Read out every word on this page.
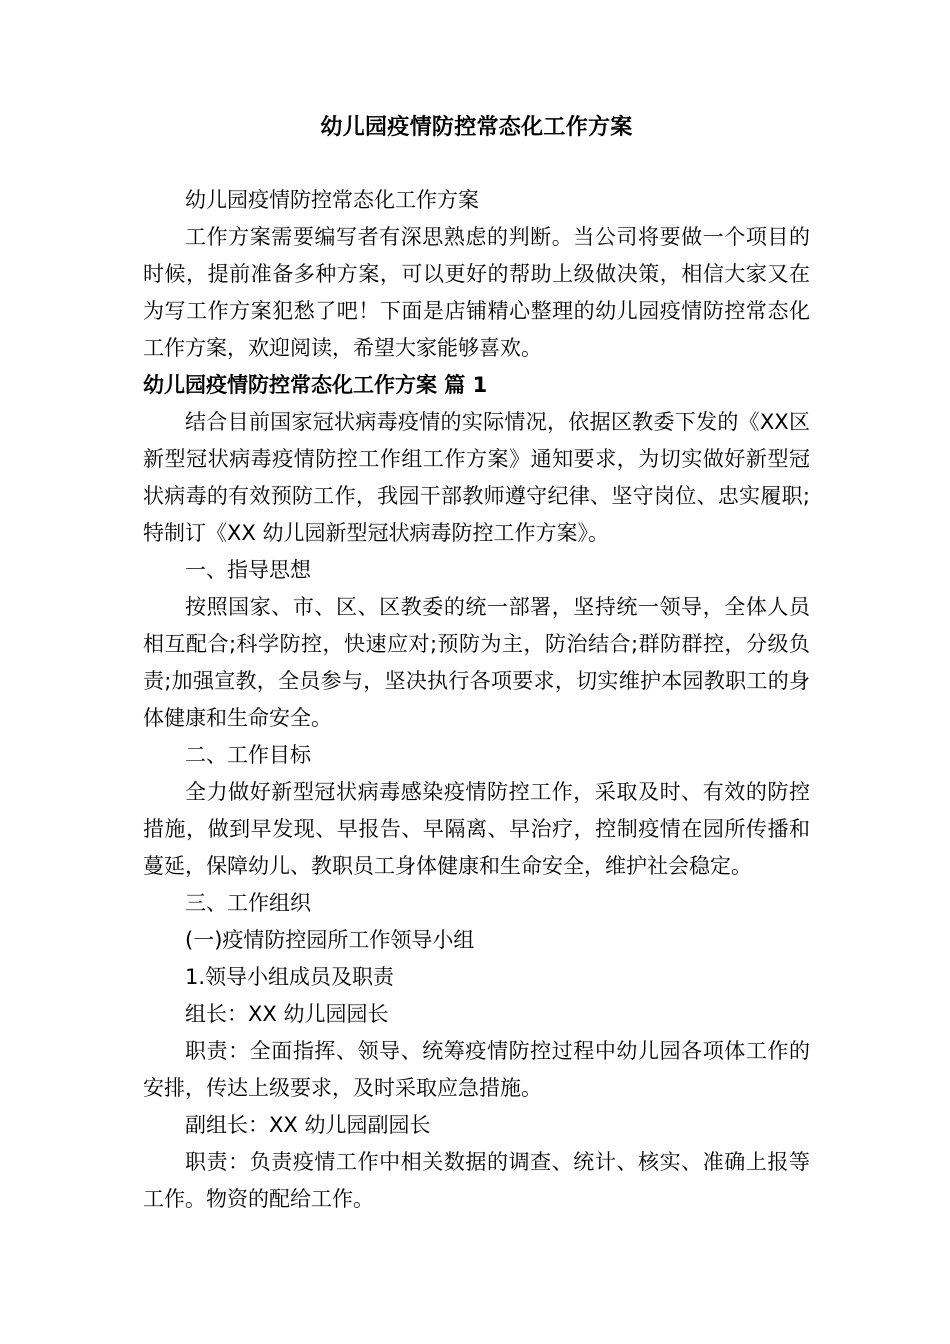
幼儿园疫情防控常态化工作方案

幼儿园疫情防控常态化工作方案

工作方案需要编写者有深思熟虑的判断。当公司将要做一个项目的时候，提前准备多种方案，可以更好的帮助上级做决策，相信大家又在为写工作方案犯愁了吧！下面是店铺精心整理的幼儿园疫情防控常态化工作方案，欢迎阅读，希望大家能够喜欢。

幼儿园疫情防控常态化工作方案 篇 1

结合目前国家冠状病毒疫情的实际情况，依据区教委下发的《XX区新型冠状病毒疫情防控工作组工作方案》通知要求，为切实做好新型冠状病毒的有效预防工作，我园干部教师遵守纪律、坚守岗位、忠实履职;特制订《XX 幼儿园新型冠状病毒防控工作方案》。

一、指导思想

按照国家、市、区、区教委的统一部署，坚持统一领导，全体人员相互配合;科学防控，快速应对;预防为主，防治结合;群防群控，分级负责;加强宣教，全员参与，坚决执行各项要求，切实维护本园教职工的身体健康和生命安全。

二、工作目标

全力做好新型冠状病毒感染疫情防控工作，采取及时、有效的防控措施，做到早发现、早报告、早隔离、早治疗，控制疫情在园所传播和蔓延，保障幼儿、教职员工身体健康和生命安全，维护社会稳定。

三、工作组织

(一)疫情防控园所工作领导小组

1.领导小组成员及职责

组长：XX 幼儿园园长

职责：全面指挥、领导、统筹疫情防控过程中幼儿园各项体工作的安排，传达上级要求，及时采取应急措施。

副组长：XX 幼儿园副园长

职责：负责疫情工作中相关数据的调查、统计、核实、准确上报等工作。物资的配给工作。
